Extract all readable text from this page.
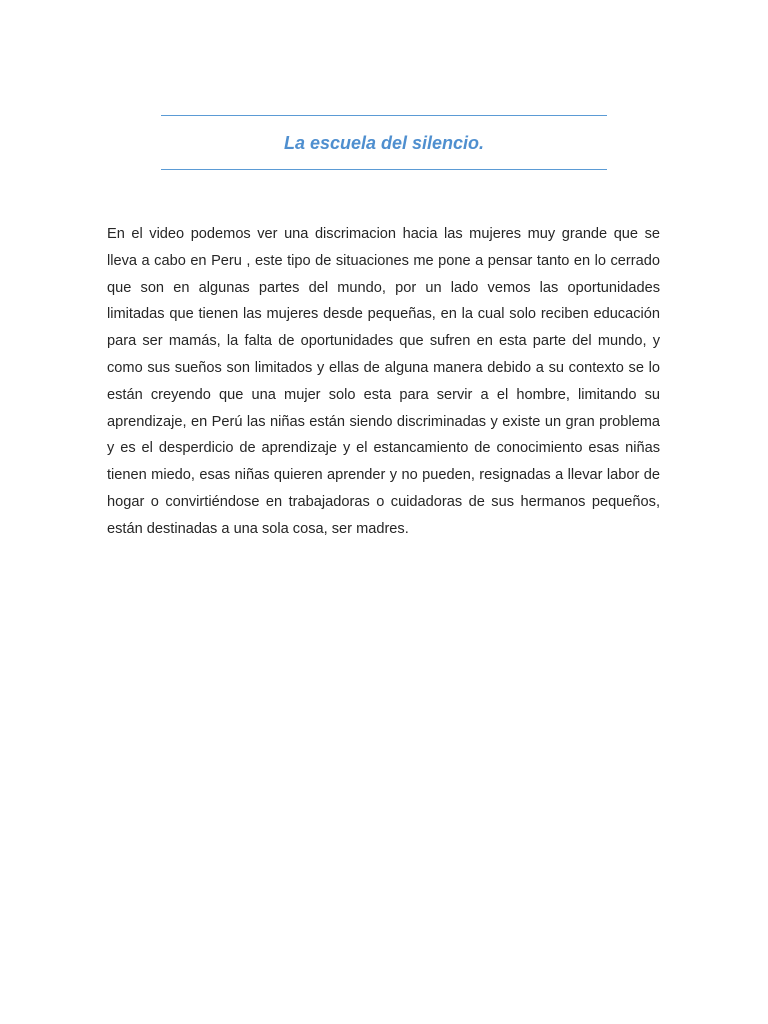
La escuela del silencio.

En el video podemos ver una discrimacion hacia las mujeres muy grande que se lleva a cabo en Peru , este tipo de situaciones me pone a pensar tanto en lo cerrado que son en algunas partes del mundo, por un lado vemos las oportunidades limitadas que tienen las mujeres desde pequeñas, en la cual solo reciben educación para ser mamás, la falta de oportunidades que sufren en esta parte del mundo, y como sus sueños son limitados y ellas de alguna manera debido a su contexto se lo están creyendo que una mujer solo esta para servir a el hombre, limitando su aprendizaje, en Perú las niñas están siendo discriminadas y existe un gran problema y es el desperdicio de aprendizaje y el estancamiento de conocimiento esas niñas tienen miedo, esas niñas quieren aprender y no pueden, resignadas a llevar labor de hogar o convirtiéndose en trabajadoras o cuidadoras de sus hermanos pequeños, están destinadas a una sola cosa, ser madres.
